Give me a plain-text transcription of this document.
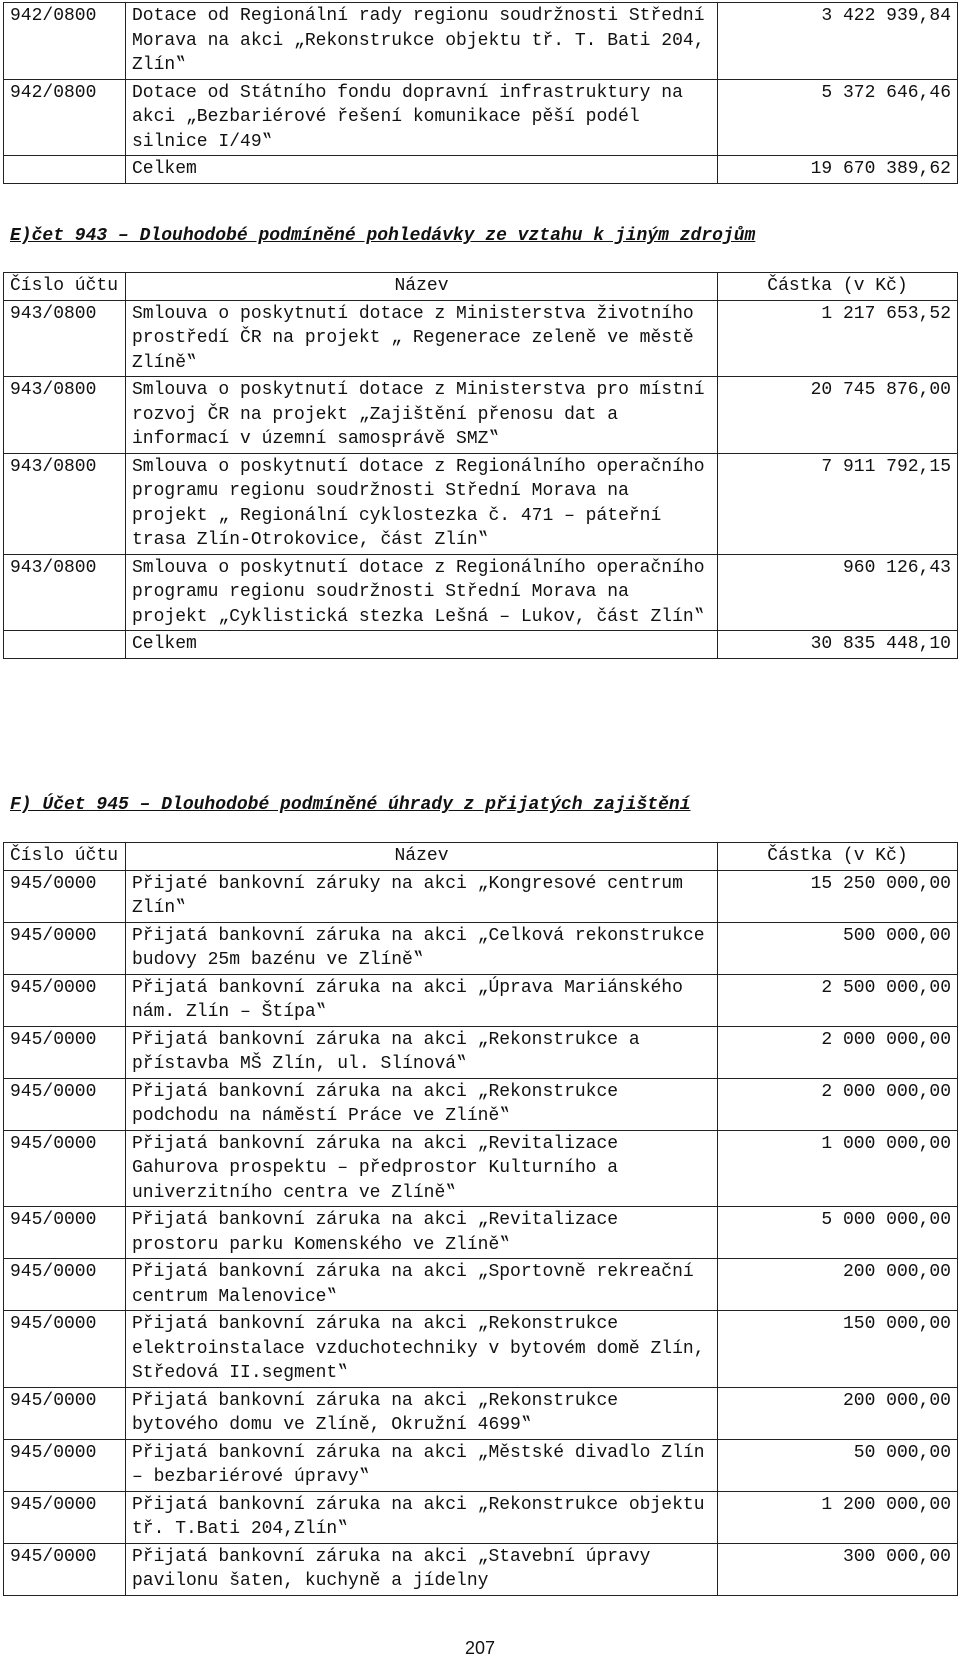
942/0800	Dotace od Regionální rady regionu soudržnosti Střední Morava na akci „Rekonstrukce objektu tř. T. Bati 204, Zlín‟	3 422 939,84
942/0800	Dotace od Státního fondu dopravní infrastruktury na akci „Bezbariérové řešení komunikace pěší podél silnice I/49‟	5 372 646,46
	Celkem	19 670 389,62

E)čet 943 – Dlouhodobé podmíněné pohledávky ze vztahu k jiným zdrojům

Číslo účtu	Název	Částka (v Kč)
943/0800	Smlouva o poskytnutí dotace z Ministerstva životního prostředí ČR na projekt „ Regenerace zeleně ve městě Zlíně‟	1 217 653,52
943/0800	Smlouva o poskytnutí dotace z Ministerstva pro místní rozvoj ČR na projekt „Zajištění přenosu dat a informací v územní samosprávě SMZ‟	20 745 876,00
943/0800	Smlouva o poskytnutí dotace z Regionálního operačního programu regionu soudržnosti Střední Morava na projekt „ Regionální cyklostezka č. 471 – páteřní trasa Zlín-Otrokovice, část Zlín‟	7 911 792,15
943/0800	Smlouva o poskytnutí dotace z Regionálního operačního programu regionu soudržnosti Střední Morava na projekt „Cyklistická stezka Lešná – Lukov, část Zlín‟	960 126,43
	Celkem	30 835 448,10

F) Účet 945 – Dlouhodobé podmíněné úhrady z přijatých zajištění

Číslo účtu	Název	Částka (v Kč)
945/0000	Přijaté bankovní záruky na akci „Kongresové centrum Zlín‟	15 250 000,00
945/0000	Přijatá bankovní záruka na akci „Celková rekonstrukce budovy 25m bazénu ve Zlíně‟	500 000,00
945/0000	Přijatá bankovní záruka na akci „Úprava Mariánského nám. Zlín – Štípa‟	2 500 000,00
945/0000	Přijatá bankovní záruka na akci „Rekonstrukce a přístavba MŠ Zlín, ul. Slínová‟	2 000 000,00
945/0000	Přijatá bankovní záruka na akci „Rekonstrukce podchodu na náměstí Práce ve Zlíně‟	2 000 000,00
945/0000	Přijatá bankovní záruka na akci „Revitalizace Gahurova prospektu – předprostor Kulturního a univerzitního centra ve Zlíně‟	1 000 000,00
945/0000	Přijatá bankovní záruka na akci „Revitalizace prostoru parku Komenského ve Zlíně‟	5 000 000,00
945/0000	Přijatá bankovní záruka na akci „Sportovně rekreační centrum Malenovice‟	200 000,00
945/0000	Přijatá bankovní záruka na akci „Rekonstrukce elektroinstalace vzduchotechniky v bytovém domě Zlín, Středová II.segment‟	150 000,00
945/0000	Přijatá bankovní záruka na akci „Rekonstrukce bytového domu ve Zlíně, Okružní 4699‟	200 000,00
945/0000	Přijatá bankovní záruka na akci „Městské divadlo Zlín – bezbariérové úpravy‟	50 000,00
945/0000	Přijatá bankovní záruka na akci „Rekonstrukce objektu tř. T.Bati 204,Zlín‟	1 200 000,00
945/0000	Přijatá bankovní záruka na akci „Stavební úpravy pavilonu šaten, kuchyně a jídelny	300 000,00
207
